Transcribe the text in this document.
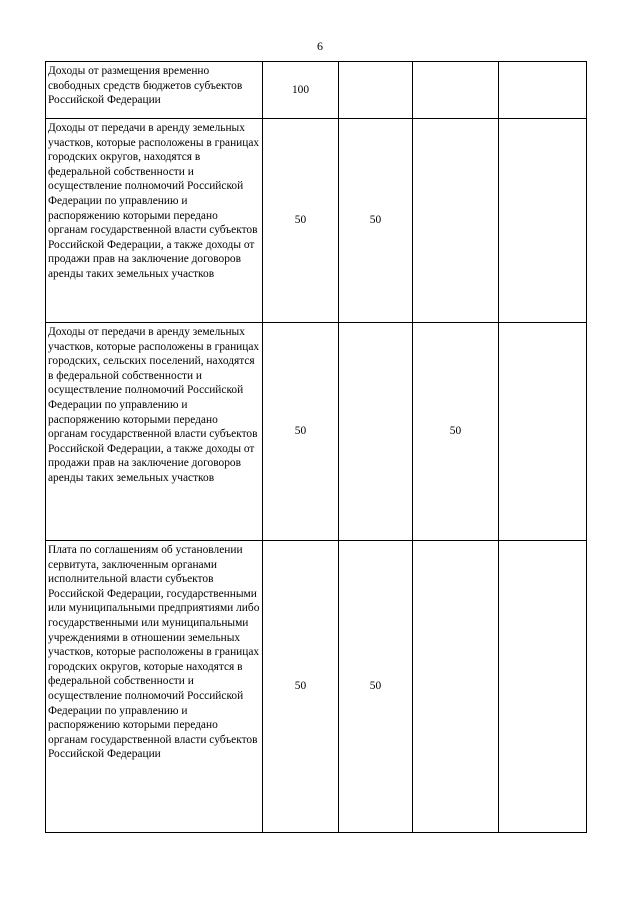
6
Доходы от размещения временно свободных средств бюджетов субъектов Российской Федерации	100			
Доходы от передачи в аренду земельных участков, которые расположены в границах городских округов, находятся в федеральной собственности и осуществление полномочий Российской Федерации по управлению и распоряжению которыми передано органам государственной власти субъектов Российской Федерации, а также доходы от продажи прав на заключение договоров аренды таких земельных участков	50	50		
Доходы от передачи в аренду земельных участков, которые расположены в границах городских, сельских поселений, находятся в федеральной собственности и осуществление полномочий Российской Федерации по управлению и распоряжению которыми передано органам государственной власти субъектов Российской Федерации, а также доходы от продажи прав на заключение договоров аренды таких земельных участков	50		50	
Плата по соглашениям об установлении сервитута, заключенным органами исполнительной власти субъектов Российской Федерации, государственными или муниципальными предприятиями либо государственными или муниципальными учреждениями в отношении земельных участков, которые расположены в границах городских округов, которые находятся в федеральной собственности и осуществление полномочий Российской Федерации по управлению и распоряжению которыми передано органам государственной власти субъектов Российской Федерации	50	50		
